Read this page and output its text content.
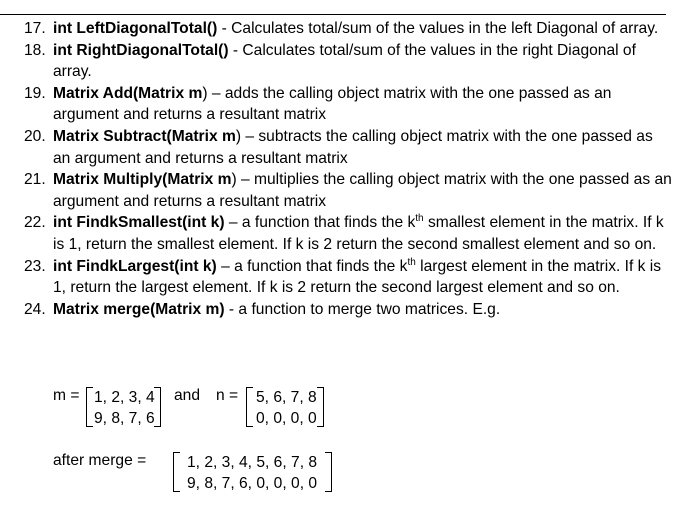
17. int LeftDiagonalTotal() - Calculates total/sum of the values in the left Diagonal of array.
18. int RightDiagonalTotal() - Calculates total/sum of the values in the right Diagonal of array.
19. Matrix Add(Matrix m) – adds the calling object matrix with the one passed as an argument and returns a resultant matrix
20. Matrix Subtract(Matrix m) – subtracts the calling object matrix with the one passed as an argument and returns a resultant matrix
21. Matrix Multiply(Matrix m) – multiplies the calling object matrix with the one passed as an argument and returns a resultant matrix
22. int FindkSmallest(int k) – a function that finds the $k^{th}$ smallest element in the matrix. If k is 1, return the smallest element. If k is 2 return the second smallest element and so on.
23. int FindkLargest(int k) – a function that finds the $k^{th}$ largest element in the matrix. If k is 1, return the largest element. If k is 2 return the second largest element and so on.
24. Matrix merge(Matrix m) - a function to merge two matrices. E.g.
m = 1, 2, 3, 4
9, 8, 7, 6
and n = 5, 6, 7, 8
0, 0, 0, 0
after merge =	1, 2, 3, 4, 5, 6, 7, 8
9, 8, 7, 6, 0, 0, 0, 0
